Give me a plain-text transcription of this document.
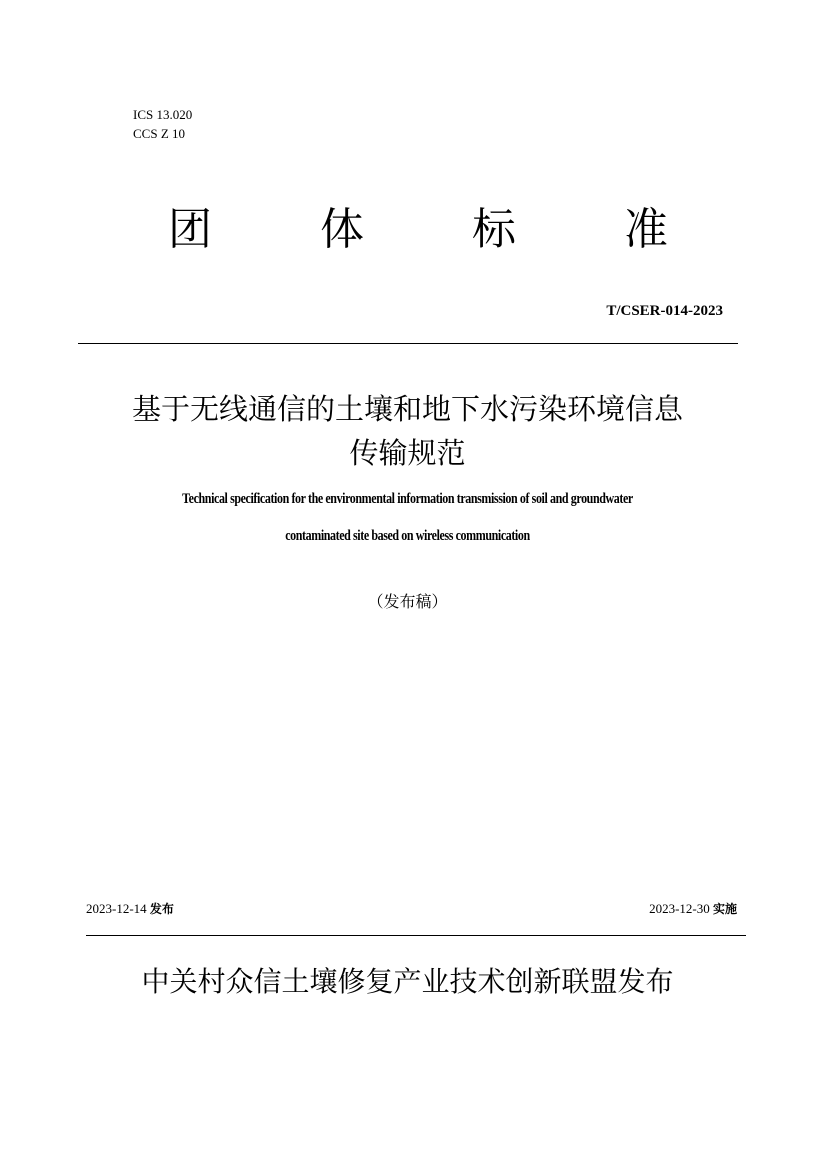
ICS 13.020
CCS Z 10
团 体 标 准
T/CSER-014-2023
基于无线通信的土壤和地下水污染环境信息
传输规范
Technical specification for the environmental information transmission of soil and groundwater
contaminated site based on wireless communication
（发布稿）
2023-12-14 发布	2023-12-30 实施
中关村众信土壤修复产业技术创新联盟发布
